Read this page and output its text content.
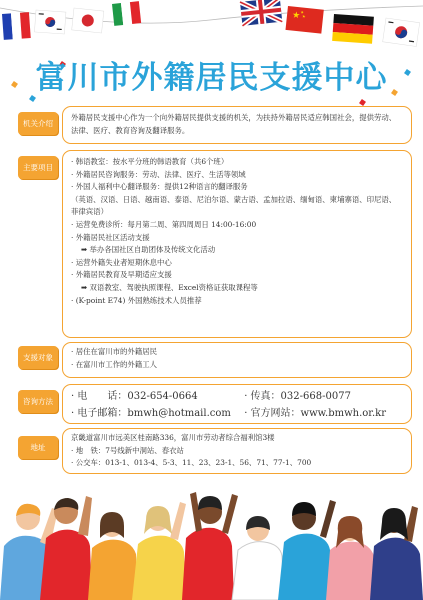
★ ★
★
富川市外籍居民支援中心
机关介绍
外籍居民支援中心作为一个向外籍居民提供支援的机关，为扶持外籍居民适应韩国社会，提供劳动、法律、医疗、教育咨询及翻译服务。
主要项目
· 韩语教室：按水平分班的韩语教育（共6个班）
· 外籍居民咨询服务：劳动、法律、医疗、生活等领域
· 外国人福利中心翻译服务：提供12种语言的翻译服务
（英语、汉语、日语、越南语、泰语、尼泊尔语、蒙古语、孟加拉语、缅甸语、柬埔寨语、印尼语、菲律宾语）
· 运营免费诊所：每月第二周、第四周周日 14:00-16:00
· 外籍居民社区活动支援
➡ 举办各国社区自助团体及传统文化活动
· 运营外籍失业者短期休息中心
· 外籍居民教育及早期适应支援
➡ 双语教室、驾驶执照课程、Excel资格证获取课程等
· (K-point E74) 外国熟练技术人员推荐
支援对象
· 居住在富川市的外籍居民
· 在富川市工作的外籍工人
咨询方法	· 电　　话：032-654-0664	· 传真：032-668-0077
· 电子邮箱：bmwh@hotmail.com · 官方网站：www.bmwh.or.kr
地址
京畿道富川市远美区桂南路336，富川市劳动者综合福利馆3楼
· 地　铁：7号线新中洞站、春衣站
· 公交车：013-1、013-4、5-3、11、23、23-1、56、71、77-1、700
